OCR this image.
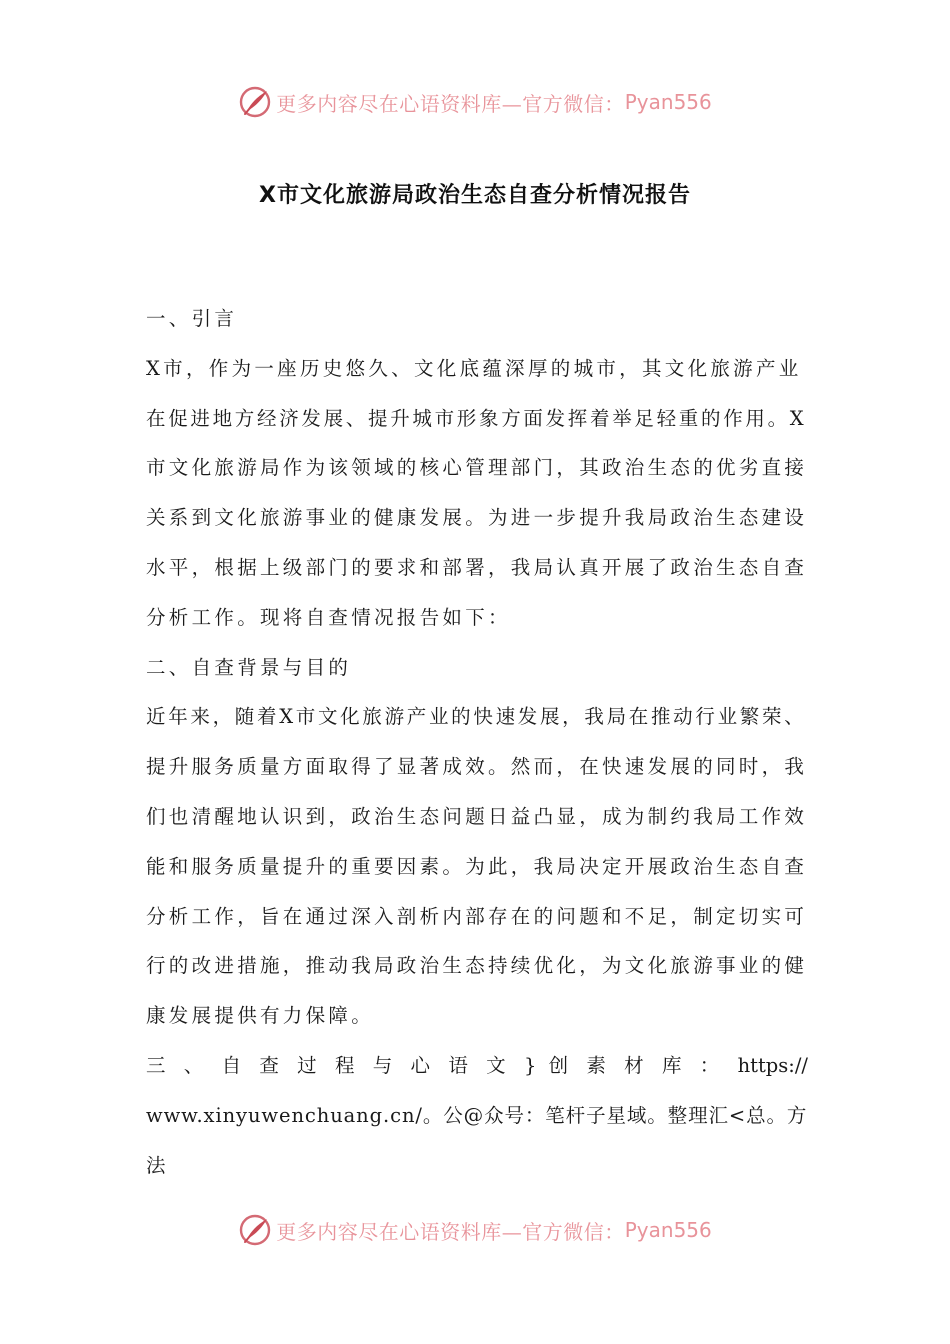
更多内容尽在心语资料库—官方微信： Pyan556
X市文化旅游局政治生态自查分析情况报告
一、引言
X市，作为一座历史悠久、文化底蕴深厚的城市，其文化旅游产业
在促进地方经济发展、提升城市形象方面发挥着举足轻重的作用。X
市文化旅游局作为该领域的核心管理部门，其政治生态的优劣直接
关系到文化旅游事业的健康发展。为进一步提升我局政治生态建设
水平，根据上级部门的要求和部署，我局认真开展了政治生态自查
分析工作。现将自查情况报告如下：
二、自查背景与目的
近年来，随着X市文化旅游产业的快速发展，我局在推动行业繁荣、
提升服务质量方面取得了显著成效。然而，在快速发展的同时，我
们也清醒地认识到，政治生态问题日益凸显，成为制约我局工作效
能和服务质量提升的重要因素。为此，我局决定开展政治生态自查
分析工作，旨在通过深入剖析内部存在的问题和不足，制定切实可
行的改进措施，推动我局政治生态持续优化，为文化旅游事业的健
康发展提供有力保障。
三 、 自 查 过 程 与 心 语 文 } 创 素 材 库 ： https://
www.xinyuwenchuang.cn/。公@众号：笔杆子星域。整理汇<总。方
法
更多内容尽在心语资料库—官方微信： Pyan556
